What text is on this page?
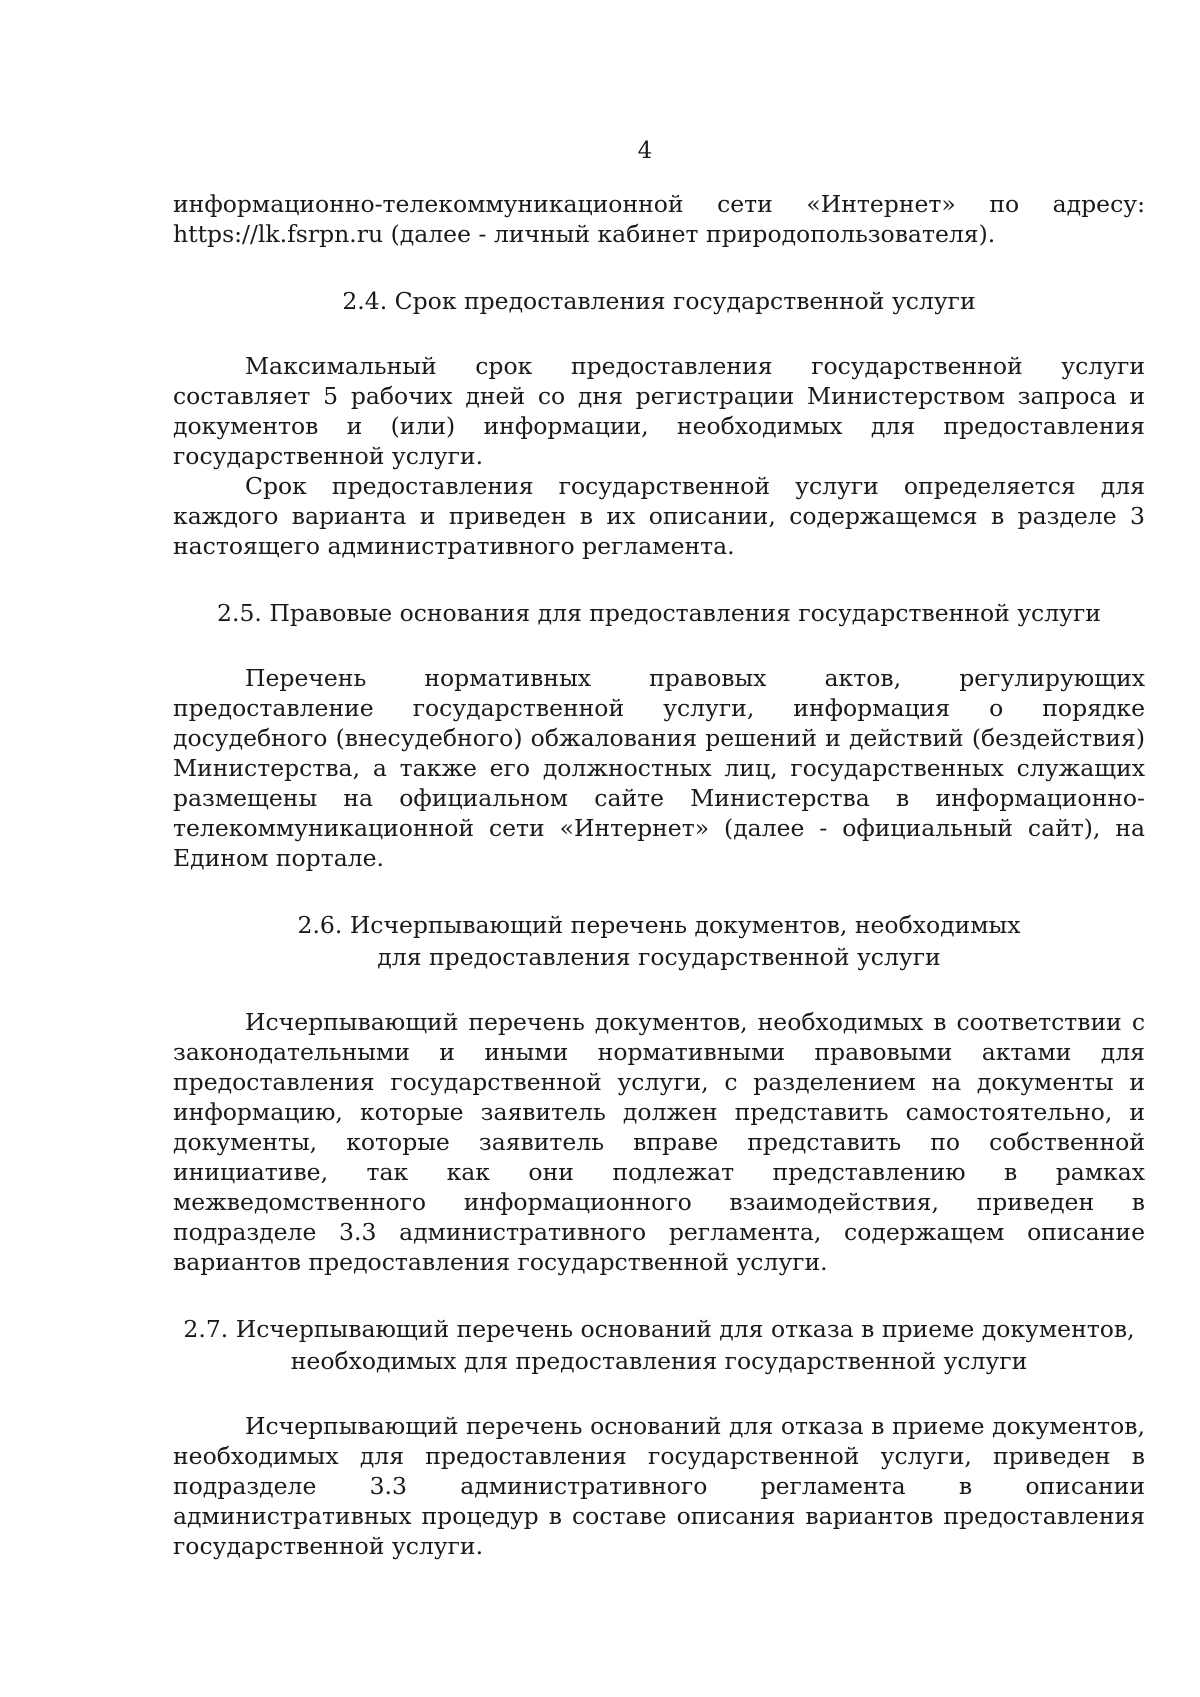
4

информационно-телекоммуникационной сети «Интернет» по адресу:

https://lk.fsrpn.ru (далее - личный кабинет природопользователя).

2.4. Срок предоставления государственной услуги

Максимальный срок предоставления государственной услуги составляет 5 рабочих дней со дня регистрации Министерством запроса и документов и (или) информации, необходимых для предоставления государственной услуги.

Срок предоставления государственной услуги определяется для каждого варианта и приведен в их описании, содержащемся в разделе 3 настоящего административного регламента.

2.5. Правовые основания для предоставления государственной услуги

Перечень нормативных правовых актов, регулирующих предоставление государственной услуги, информация о порядке досудебного (внесудебного) обжалования решений и действий (бездействия) Министерства, а также его должностных лиц, государственных служащих размещены на официальном сайте Министерства в информационно-телекоммуникационной сети «Интернет» (далее - официальный сайт), на Едином портале.

2.6. Исчерпывающий перечень документов, необходимых

для предоставления государственной услуги

Исчерпывающий перечень документов, необходимых в соответствии с законодательными и иными нормативными правовыми актами для предоставления государственной услуги, с разделением на документы и информацию, которые заявитель должен представить самостоятельно, и документы, которые заявитель вправе представить по собственной инициативе, так как они подлежат представлению в рамках межведомственного информационного взаимодействия, приведен в подразделе 3.3 административного регламента, содержащем описание вариантов предоставления государственной услуги.

2.7. Исчерпывающий перечень оснований для отказа в приеме документов,

необходимых для предоставления государственной услуги

Исчерпывающий перечень оснований для отказа в приеме документов, необходимых для предоставления государственной услуги, приведен в подразделе 3.3 административного регламента в описании административных процедур в составе описания вариантов предоставления государственной услуги.
